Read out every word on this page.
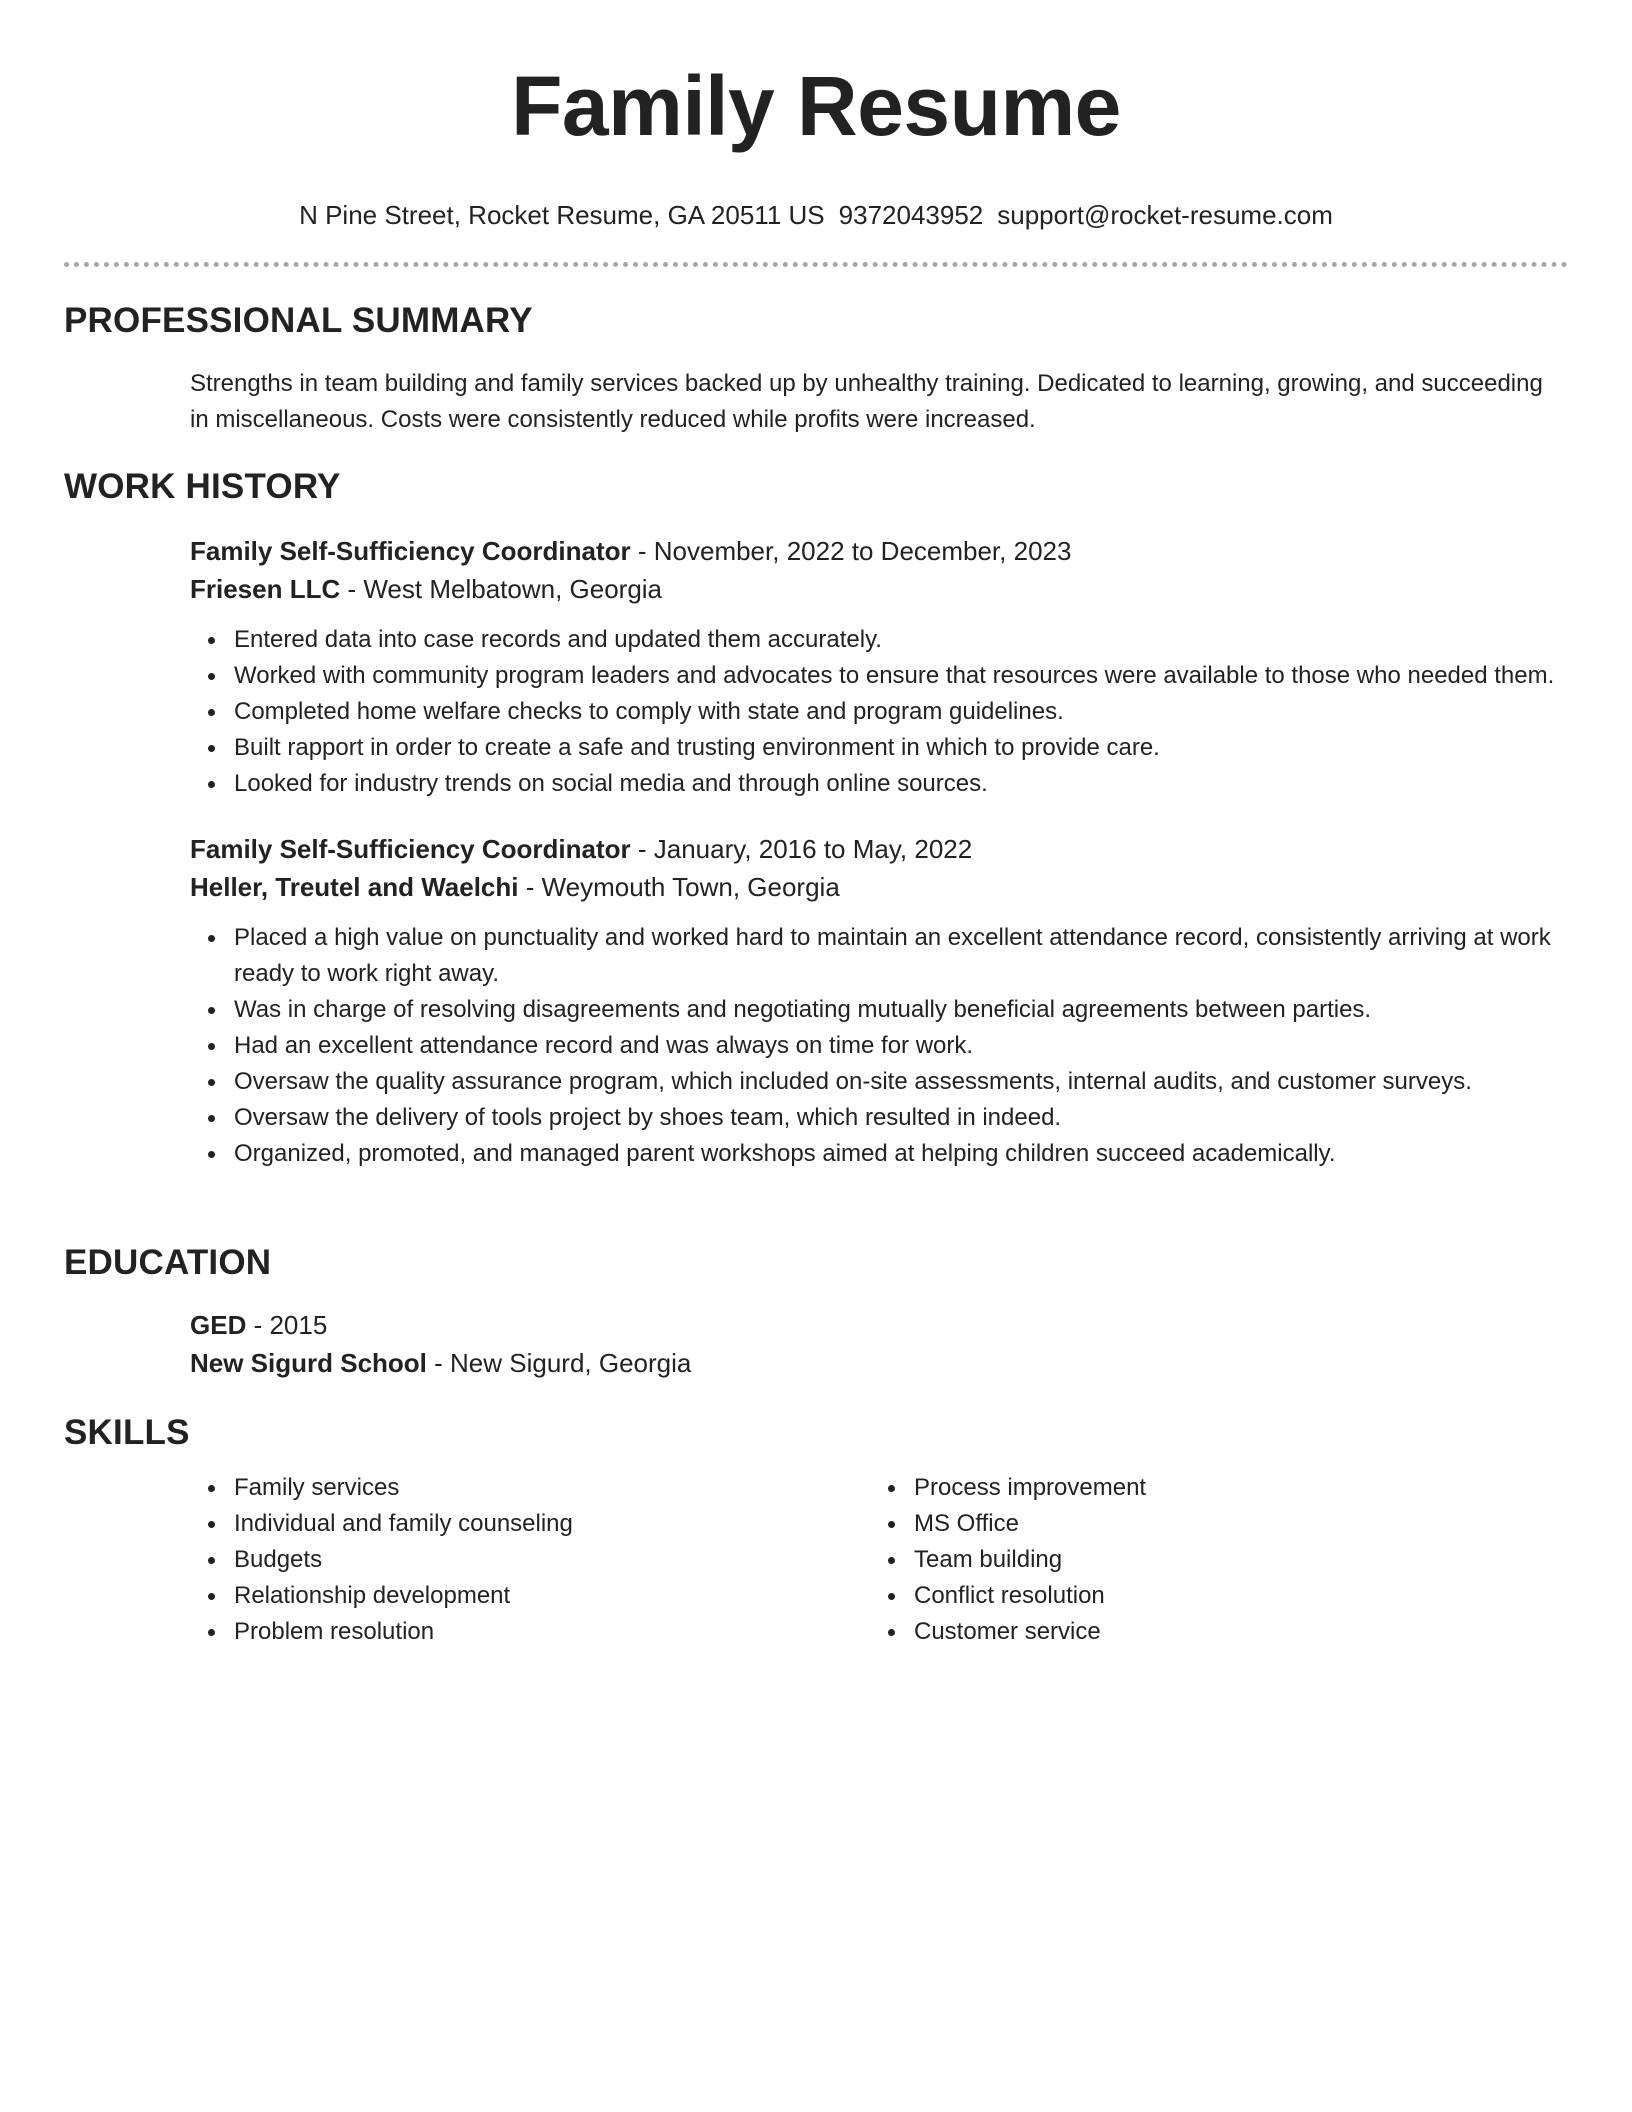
Family Resume
N Pine Street, Rocket Resume, GA 20511 US 9372043952 support@rocket-resume.com
PROFESSIONAL SUMMARY
Strengths in team building and family services backed up by unhealthy training. Dedicated to learning, growing, and succeeding in miscellaneous. Costs were consistently reduced while profits were increased.
WORK HISTORY
Family Self-Sufficiency Coordinator - November, 2022 to December, 2023
Friesen LLC - West Melbatown, Georgia
Entered data into case records and updated them accurately.
Worked with community program leaders and advocates to ensure that resources were available to those who needed them.
Completed home welfare checks to comply with state and program guidelines.
Built rapport in order to create a safe and trusting environment in which to provide care.
Looked for industry trends on social media and through online sources.
Family Self-Sufficiency Coordinator - January, 2016 to May, 2022
Heller, Treutel and Waelchi - Weymouth Town, Georgia
Placed a high value on punctuality and worked hard to maintain an excellent attendance record, consistently arriving at work ready to work right away.
Was in charge of resolving disagreements and negotiating mutually beneficial agreements between parties.
Had an excellent attendance record and was always on time for work.
Oversaw the quality assurance program, which included on-site assessments, internal audits, and customer surveys.
Oversaw the delivery of tools project by shoes team, which resulted in indeed.
Organized, promoted, and managed parent workshops aimed at helping children succeed academically.
EDUCATION
GED - 2015
New Sigurd School - New Sigurd, Georgia
SKILLS
Family services
Individual and family counseling
Budgets
Relationship development
Problem resolution
Process improvement
MS Office
Team building
Conflict resolution
Customer service
